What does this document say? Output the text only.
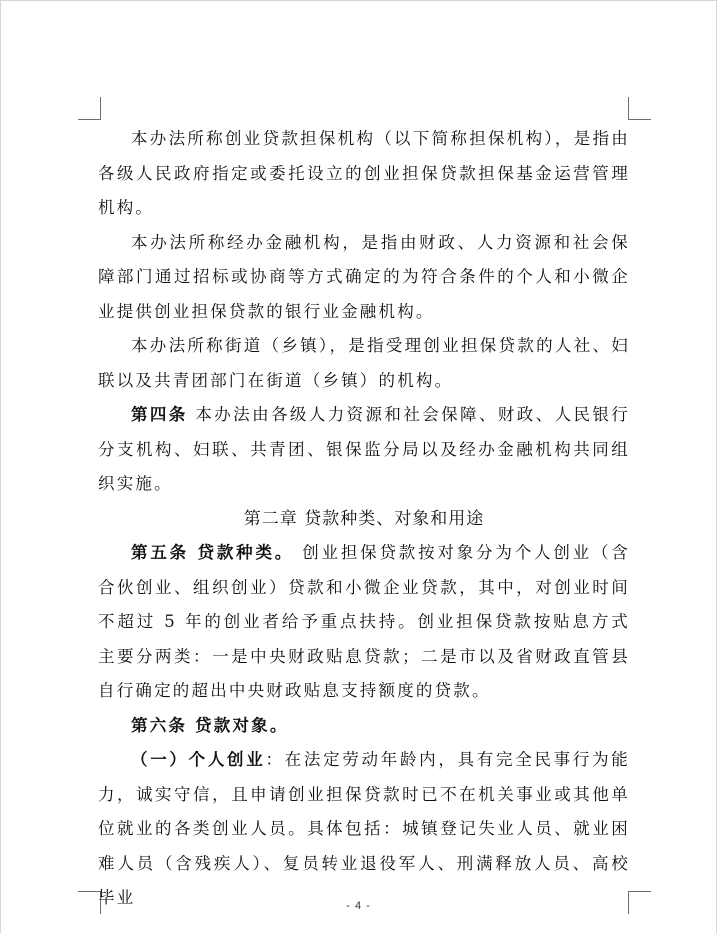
本办法所称创业贷款担保机构（以下简称担保机构），是指由各级人民政府指定或委托设立的创业担保贷款担保基金运营管理机构。

本办法所称经办金融机构，是指由财政、人力资源和社会保障部门通过招标或协商等方式确定的为符合条件的个人和小微企业提供创业担保贷款的银行业金融机构。

本办法所称街道（乡镇），是指受理创业担保贷款的人社、妇联以及共青团部门在街道（乡镇）的机构。

第四条 本办法由各级人力资源和社会保障、财政、人民银行分支机构、妇联、共青团、银保监分局以及经办金融机构共同组织实施。

第二章 贷款种类、对象和用途

第五条 贷款种类。 创业担保贷款按对象分为个人创业（含合伙创业、组织创业）贷款和小微企业贷款，其中，对创业时间不超过 5 年的创业者给予重点扶持。创业担保贷款按贴息方式主要分两类：一是中央财政贴息贷款；二是市以及省财政直管县自行确定的超出中央财政贴息支持额度的贷款。

第六条 贷款对象。

（一）个人创业：在法定劳动年龄内，具有完全民事行为能力，诚实守信，且申请创业担保贷款时已不在机关事业或其他单位就业的各类创业人员。具体包括：城镇登记失业人员、就业困难人员（含残疾人）、复员转业退役军人、刑满释放人员、高校毕业	- 4 -
